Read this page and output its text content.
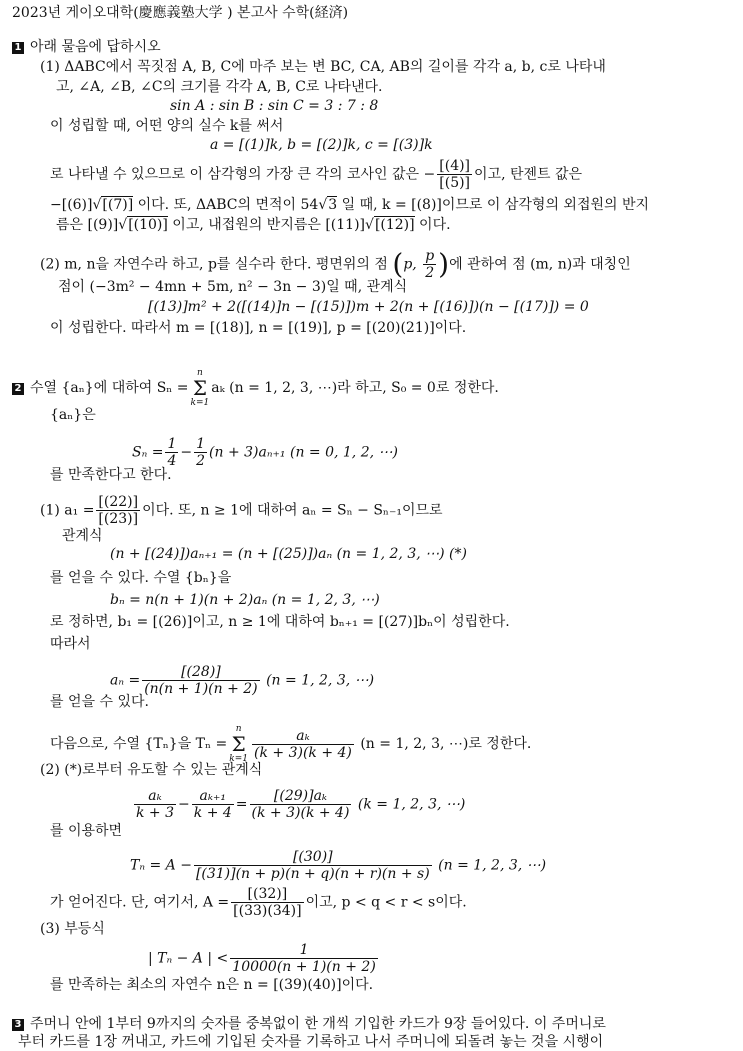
2023년 게이오대학(慶應義塾大学 ) 본고사 수학(経済)
1 아래 물음에 답하시오
(1) ΔABC에서 꼭짓점 A, B, C에 마주 보는 변 BC, CA, AB의 길이를 각각 a, b, c로 나타내
고, ∠A, ∠B, ∠C의 크기를 각각 A, B, C로 나타낸다.
sin A : sin B : sin C = 3 : 7 : 8
이 성립할 때, 어떤 양의 실수 k를 써서
a = [(1)]k, b = [(2)]k, c = [(3)]k
로 나타낼 수 있으므로 이 삼각형의 가장 큰 각의 코사인 값은 − $\frac{[(4)]}{[(5)]}$ 이고, 탄젠트 값은
−[(6)]√[(7)] 이다. 또, ΔABC의 면적이 54√3 일 때, k = [(8)]이므로 이 삼각형의 외접원의 반지
름은 [(9)]√[(10)] 이고, 내접원의 반지름은 [(11)]√[(12)] 이다.
(2) m, n을 자연수라 하고, p를 실수라 한다. 평면위의 점 (p, $\frac{p}{2}$ )에 관하여 점 (m, n)과 대칭인
점이 (−3m² − 4mn + 5m, n² − 3n − 3)일 때, 관계식
[(13)]m² + 2([(14)]n − [(15)])m + 2(n + [(16)])(n − [(17)]) = 0
이 성립한다. 따라서 m = [(18)], n = [(19)], p = [(20)(21)]이다.
2 수열 {aₙ}에 대하여 Sₙ =
n
Σ
k=1
aₖ (n = 1, 2, 3, ⋯)라 하고, S₀ = 0로 정한다.
{aₙ}은
$S_n = \frac{1}{4} - \frac{1}{2} (n + 3)a_{n+1}$ (n = 0, 1, 2, ⋯)
를 만족한다고 한다.
(1) $a_1 = \frac{[(22)]}{[(23)]}$ 이다. 또, n ≥ 1에 대하여 aₙ = Sₙ − Sₙ₋₁이므로
관계식
(n + [(24)])aₙ₊₁ = (n + [(25)])aₙ (n = 1, 2, 3, ⋯) (*)
를 얻을 수 있다. 수열 {bₙ}을
bₙ = n(n + 1)(n + 2)aₙ (n = 1, 2, 3, ⋯)
로 정하면, b₁ = [(26)]이고, n ≥ 1에 대하여 bₙ₊₁ = [(27)]bₙ이 성립한다.
따라서
$a_n = \frac{[(28)]}{(n(n + 1)(n + 2)} (n = 1$, 2, 3, ⋯)
를 얻을 수 있다.
다음으로, 수열 {Tₙ}을 Tₙ =
n
Σ
$k=1 \frac{\text{aₖ}}{(k + 3)(k + 4)} (n = 1$, 2, 3, ⋯)로 정한다.
(2) (*)로부터 유도할 수 있는 관계식
$\frac{\text{aₖ}}{k + 3} - \frac{\text{aₖ₊₁}}{k + 4} = \frac{\text{[(29)]aₖ}}{(k + 3)(k + 4)} (k = 1$, 2, 3, ⋯)
를 이용하면
$T_n = A - \frac{[(30)]}{[(31)](n + p)(n + q)(n + r)(n + s)} (n = 1$, 2, 3, ⋯)
가 얻어진다. 단, 여기서, $A = \frac{[(32)]}{[(33)(34)]}$ 이고, p < q < r < s이다.
(3) 부등식
| Tₙ − A | < $\frac{1}{10000(n + 1)(n + 2)}$
를 만족하는 최소의 자연수 n은 n = [(39)(40)]이다.
3 주머니 안에 1부터 9까지의 숫자를 중복없이 한 개씩 기입한 카드가 9장 들어있다. 이 주머니로
부터 카드를 1장 꺼내고, 카드에 기입된 숫자를 기록하고 나서 주머니에 되돌려 놓는 것을 시행이
